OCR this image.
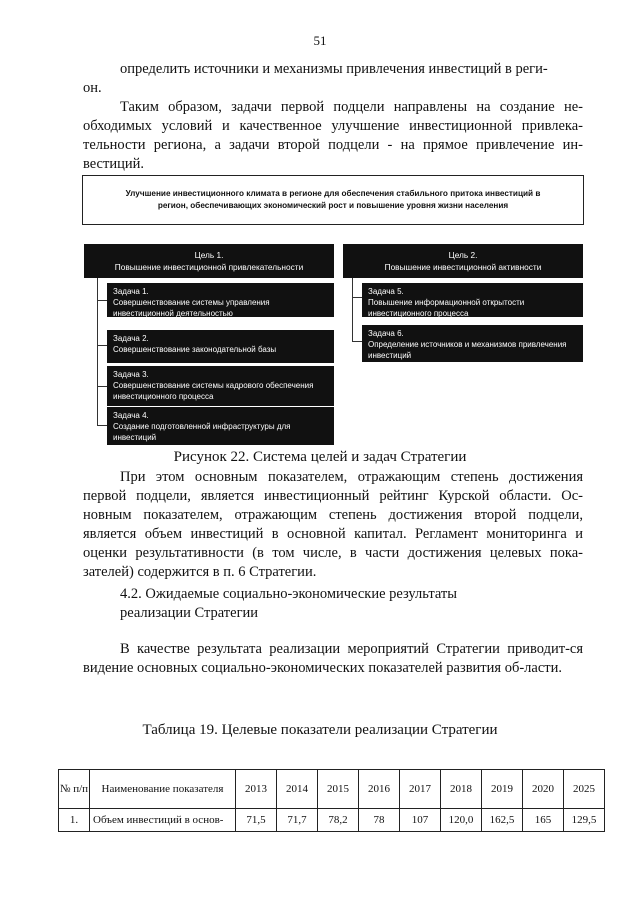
51
определить источники и механизмы привлечения инвестиций в реги-
он.
Таким образом, задачи первой подцели направлены на создание не-обходимых условий и качественное улучшение инвестиционной привлека-тельности региона, а задачи второй подцели - на прямое привлечение ин-вестиций.
Улучшение инвестиционного климата в регионе для обеспечения стабильного притока инвестиций в
регион, обеспечивающих экономический рост и повышение уровня жизни населения
Цель 1.
Повышение инвестиционной привлекательности
Цель 2.
Повышение инвестиционной активности
Задача 1.
Совершенствование системы управления инвестиционной деятельностью
Задача 2.
Совершенствование законодательной базы
Задача 3.
Совершенствование системы кадрового обеспечения инвестиционного процесса
Задача 4.
Создание подготовленной инфраструктуры для инвестиций
Задача 5.
Повышение информационной открытости инвестиционного процесса
Задача 6.
Определение источников и механизмов привлечения инвестиций
Рисунок 22. Система целей и задач Стратегии
При этом основным показателем, отражающим степень достижения первой подцели, является инвестиционный рейтинг Курской области. Ос-новным показателем, отражающим степень достижения второй подцели, является объем инвестиций в основной капитал. Регламент мониторинга и оценки результативности (в том числе, в части достижения целевых пока-зателей) содержится в п. 6 Стратегии.
4.2. Ожидаемые социально-экономические результаты
реализации Стратегии
В качестве результата реализации мероприятий Стратегии приводит-ся видение основных социально-экономических показателей развития об-ласти.
Таблица 19. Целевые показатели реализации Стратегии
№ п/п	Наименование показателя	2013	2014	2015	2016	2017	2018	2019	2020	2025
1.	Объем инвестиций в основ-	71,5	71,7	78,2	78	107	120,0	162,5	165	129,5
